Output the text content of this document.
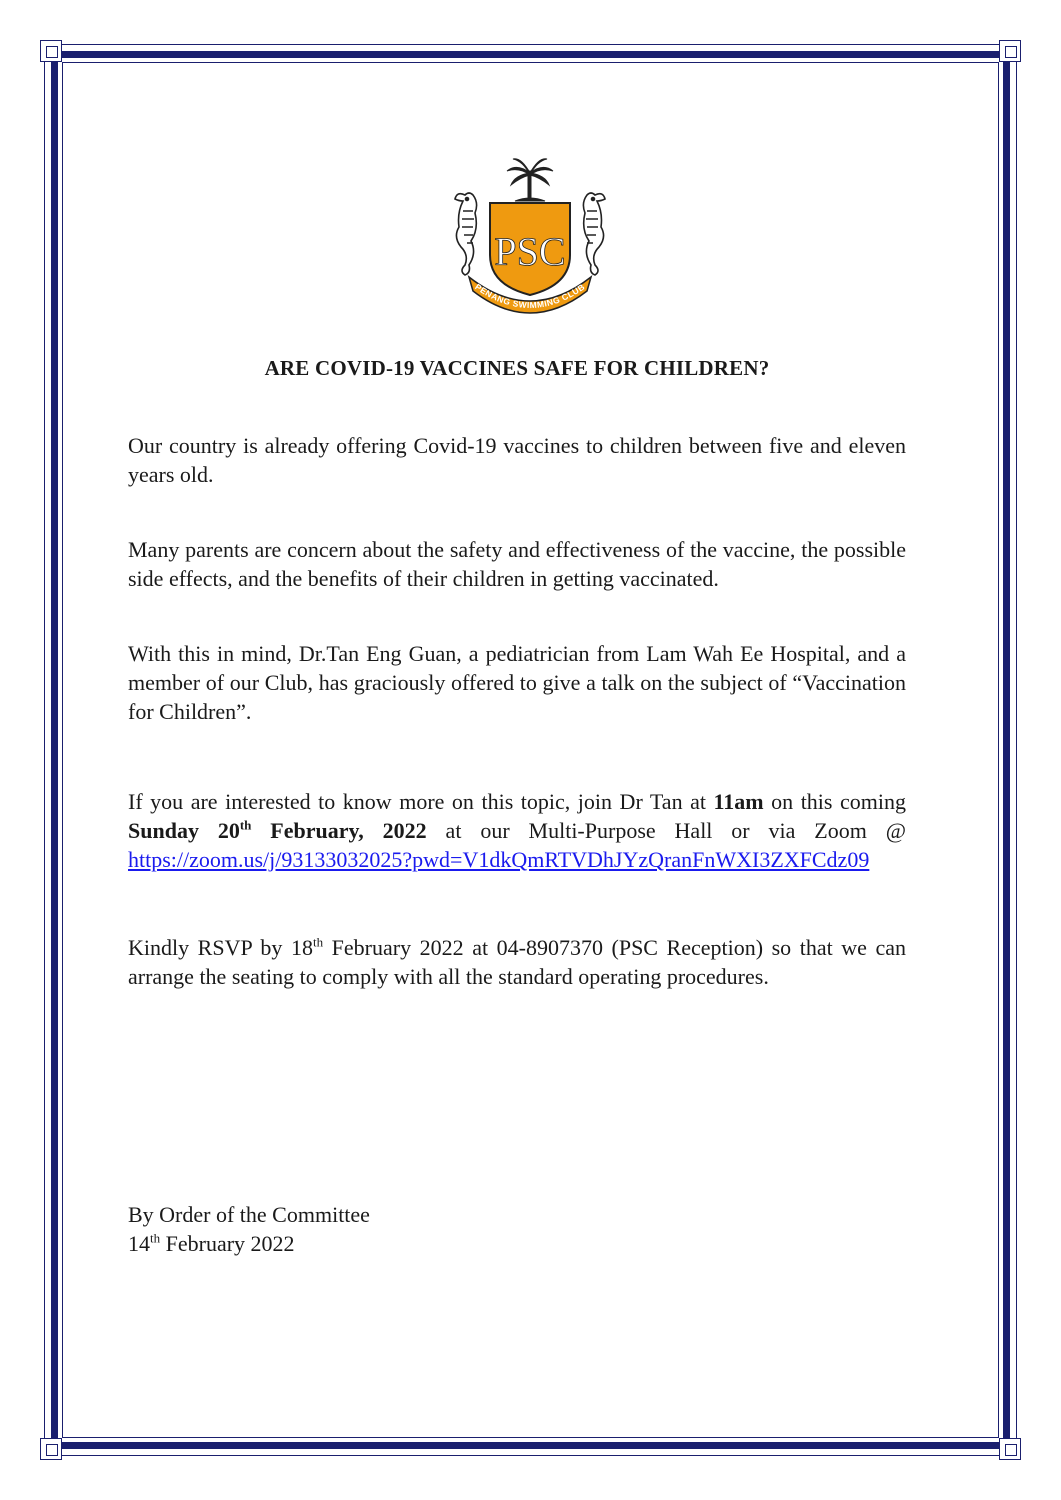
PSC
PENANG SWIMMING CLUB
ARE COVID-19 VACCINES SAFE FOR CHILDREN?

Our country is already offering Covid-19 vaccines to children between five and eleven years old.

Many parents are concern about the safety and effectiveness of the vaccine, the possible side effects, and the benefits of their children in getting vaccinated.

With this in mind, Dr.Tan Eng Guan, a pediatrician from Lam Wah Ee Hospital, and a member of our Club, has graciously offered to give a talk on the subject of “Vaccination for Children”.

If you are interested to know more on this topic, join Dr Tan at 11am on this coming Sunday 20th February, 2022 at our Multi-Purpose Hall or via Zoom @ https://zoom.us/j/93133032025?pwd=V1dkQmRTVDhJYzQranFnWXI3ZXFCdz09

Kindly RSVP by 18th February 2022 at 04-8907370 (PSC Reception) so that we can arrange the seating to comply with all the standard operating procedures.

By Order of the Committee
14th February 2022
